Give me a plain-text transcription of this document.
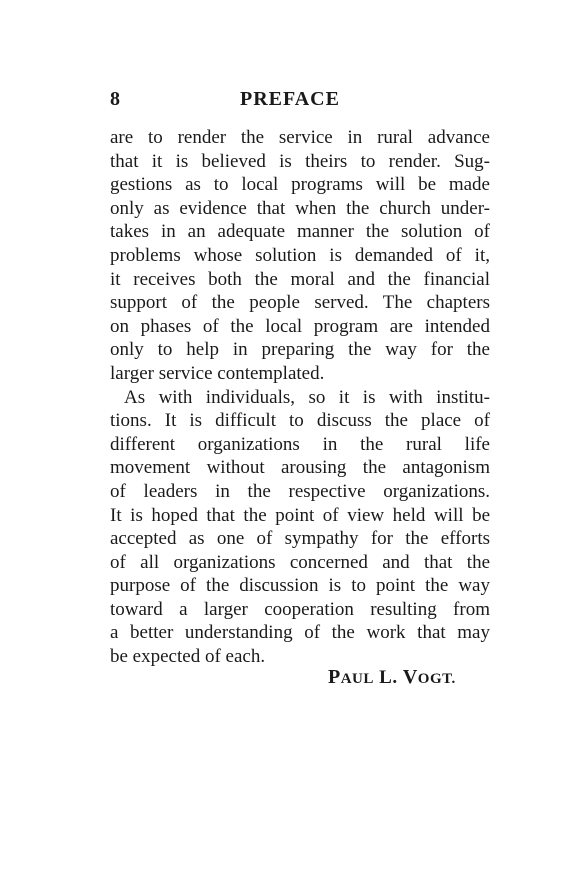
8	PREFACE
are to render the service in rural advance
that it is believed is theirs to render. Sug-
gestions as to local programs will be made
only as evidence that when the church under-
takes in an adequate manner the solution of
problems whose solution is demanded of it,
it receives both the moral and the financial
support of the people served. The chapters
on phases of the local program are intended
only to help in preparing the way for the
larger service contemplated.
As with individuals, so it is with institu-
tions. It is difficult to discuss the place of
different organizations in the rural life
movement without arousing the antagonism
of leaders in the respective organizations.
It is hoped that the point of view held will be
accepted as one of sympathy for the efforts
of all organizations concerned and that the
purpose of the discussion is to point the way
toward a larger cooperation resulting from
a better understanding of the work that may
be expected of each.
PAUL L. VOGT.
